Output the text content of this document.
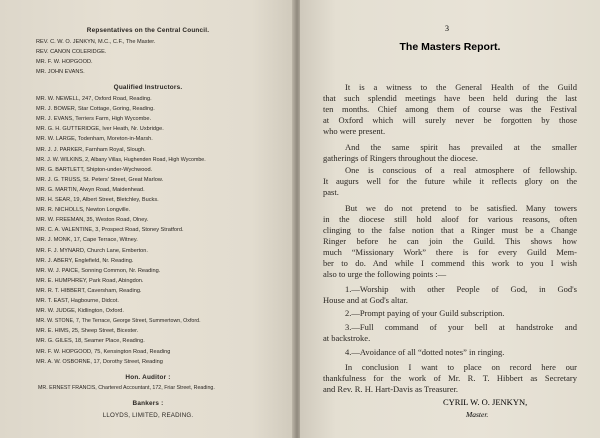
Repsentatives on the Central Council.
REV. C. W. O. JENKYN, M.C., C.F., The Master.
REV. CANON COLERIDGE.
MR. F. W. HOPGOOD.
MR. JOHN EVANS.
Qualified Instructors.
MR. W. NEWELL, 247, Oxford Road, Reading.
MR. J. BOWER, Star Cottage, Goring, Reading.
MR. J. EVANS, Terriers Farm, High Wycombe.
MR. G. H. GUTTERIDGE, Iver Heath, Nr. Uxbridge.
MR. W. LARGE, Todenham, Moreton-in-Marsh.
MR. J. J. PARKER, Farnham Royal, Slough.
MR. J. W. WILKINS, 2, Albany Villas, Hughenden Road, High Wycombe.
MR. G. BARTLETT, Shipton-under-Wychwood.
MR. J. G. TRUSS, St. Peters' Street, Great Marlow.
MR. G. MARTIN, Alwyn Road, Maidenhead.
MR. H. SEAR, 19, Albert Street, Bletchley, Bucks.
MR. R. NICHOLLS, Newton Longville.
MR. W. FREEMAN, 35, Weston Road, Olney.
MR. C. A. VALENTINE, 3, Prospect Road, Stoney Stratford.
MR. J. MONK, 17, Cape Terrace, Witney.
MR. F. J. MYNARD, Church Lane, Emberton.
MR. J. ABERY, Englefield, Nr. Reading.
MR. W. J. PAICE, Sonning Common, Nr. Reading.
MR. E. HUMPHREY, Park Road, Abingdon.
MR. R. T. HIBBERT, Caversham, Reading.
MR. T. EAST, Hagbourne, Didcot.
MR. W. JUDGE, Kidlington, Oxford.
MR. W. STONE, 7, The Terrace, George Street, Summertown, Oxford.
MR. E. HIMS, 25, Sheep Street, Bicester.
MR. G. GILES, 18, Seamer Place, Reading.
MR. F. W. HOPGOOD, 75, Kensington Road, Reading
MR. A. W. OSBORNE, 17, Dorothy Street, Reading
Hon. Auditor :
MR. ERNEST FRANCIS, Chartered Accountant, 172, Friar Street, Reading.
Bankers :
LLOYDS, LIMITED, READING.
3
The Masters Report.
It is a witness to the General Health of the Guild
that such splendid meetings have been held during the last
ten months. Chief among them of course was the Festival
at Oxford which will surely never be forgotten by those
who were present.
And the same spirit has prevailed at the smaller
gatherings of Ringers throughout the diocese.
One is conscious of a real atmosphere of fellowship.
It augurs well for the future while it reflects glory on the
past.
But we do not pretend to be satisfied. Many towers
in the diocese still hold aloof for various reasons, often
clinging to the false notion that a Ringer must be a Change
Ringer before he can join the Guild. This shows how
much “Missionary Work” there is for every Guild Mem-
ber to do. And while I commend this work to you I wish
also to urge the following points :—
1.—Worship with other People of God, in God's
House and at God's altar.
2.—Prompt paying of your Guild subscription.
3.—Full command of your bell at handstroke and
at backstroke.
4.—Avoidance of all “dotted notes” in ringing.
In conclusion I want to place on record here our
thankfulness for the work of Mr. R. T. Hibbert as Secretary
and Rev. R. H. Hart-Davis as Treasurer.
CYRIL W. O. JENKYN,
Master.
